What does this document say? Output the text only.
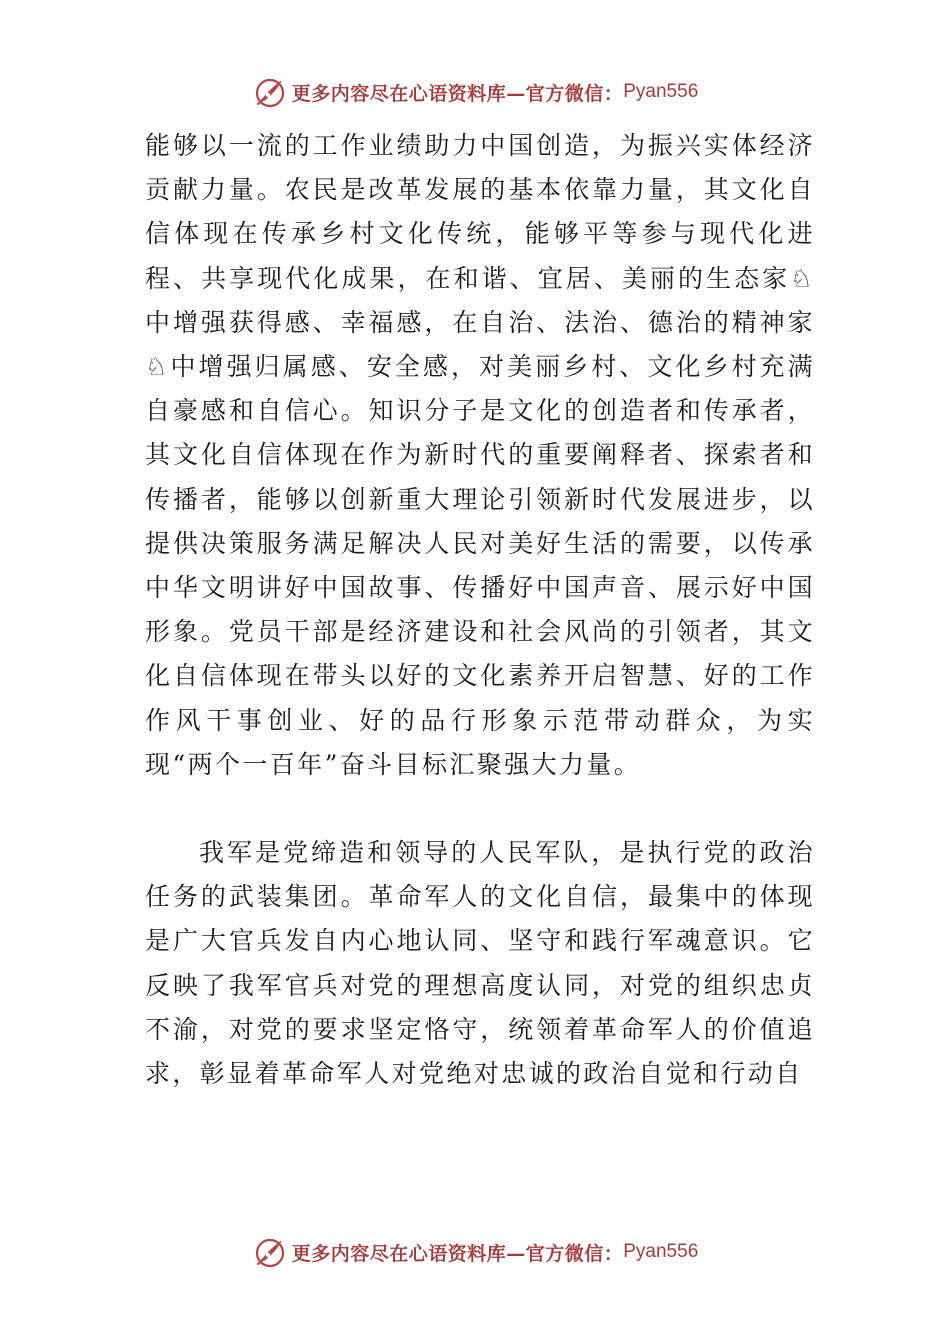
更多内容尽在心语资料库—官方微信： Pyan556

能够以一流的工作业绩助力中国创造，为振兴实体经济贡献力量。农民是改革发展的基本依靠力量，其文化自信体现在传承乡村文化传统，能够平等参与现代化进程、共享现代化成果，在和谐、宜居、美丽的生态家♘中增强获得感、幸福感，在自治、法治、德治的精神家♘中增强归属感、安全感，对美丽乡村、文化乡村充满自豪感和自信心。知识分子是文化的创造者和传承者，其文化自信体现在作为新时代的重要阐释者、探索者和传播者，能够以创新重大理论引领新时代发展进步，以提供决策服务满足解决人民对美好生活的需要，以传承中华文明讲好中国故事、传播好中国声音、展示好中国形象。党员干部是经济建设和社会风尚的引领者，其文化自信体现在带头以好的文化素养开启智慧、好的工作作风干事创业、好的品行形象示范带动群众，为实现“两个一百年”奋斗目标汇聚强大力量。

我军是党缔造和领导的人民军队，是执行党的政治任务的武装集团。革命军人的文化自信，最集中的体现是广大官兵发自内心地认同、坚守和践行军魂意识。它反映了我军官兵对党的理想高度认同，对党的组织忠贞不渝，对党的要求坚定恪守，统领着革命军人的价值追求，彰显着革命军人对党绝对忠诚的政治自觉和行动自

更多内容尽在心语资料库—官方微信： Pyan556
